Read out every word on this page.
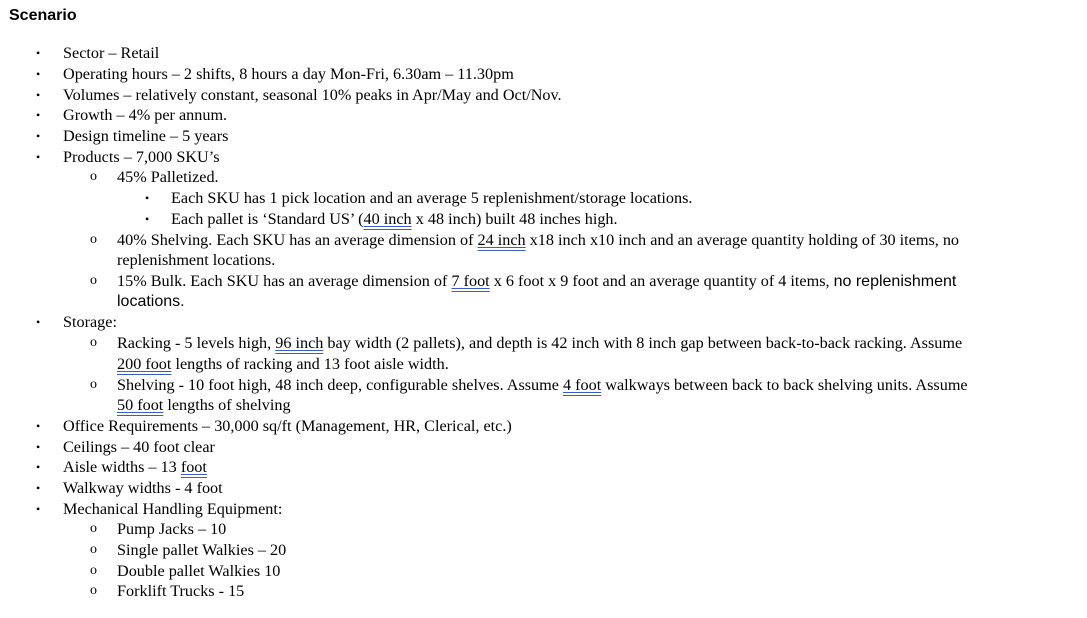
Scenario
• Sector – Retail
• Operating hours – 2 shifts, 8 hours a day Mon-Fri, 6.30am – 11.30pm
• Volumes – relatively constant, seasonal 10% peaks in Apr/May and Oct/Nov.
• Growth – 4% per annum.
• Design timeline – 5 years
• Products – 7,000 SKU’s
o 45% Palletized.
• Each SKU has 1 pick location and an average 5 replenishment/storage locations.
• Each pallet is ‘Standard US’ (40 inch x 48 inch) built 48 inches high.
o 40% Shelving. Each SKU has an average dimension of 24 inch x18 inch x10 inch and an average quantity holding of 30 items, no
replenishment locations.
o 15% Bulk. Each SKU has an average dimension of 7 foot x 6 foot x 9 foot and an average quantity of 4 items, no replenishment
locations.
• Storage:
o Racking - 5 levels high, 96 inch bay width (2 pallets), and depth is 42 inch with 8 inch gap between back-to-back racking. Assume
200 foot lengths of racking and 13 foot aisle width.
o Shelving - 10 foot high, 48 inch deep, configurable shelves. Assume 4 foot walkways between back to back shelving units. Assume
50 foot lengths of shelving
• Office Requirements – 30,000 sq/ft (Management, HR, Clerical, etc.)
• Ceilings – 40 foot clear
• Aisle widths – 13 foot
• Walkway widths - 4 foot
• Mechanical Handling Equipment:
o Pump Jacks – 10
o Single pallet Walkies – 20
o Double pallet Walkies 10
o Forklift Trucks - 15
